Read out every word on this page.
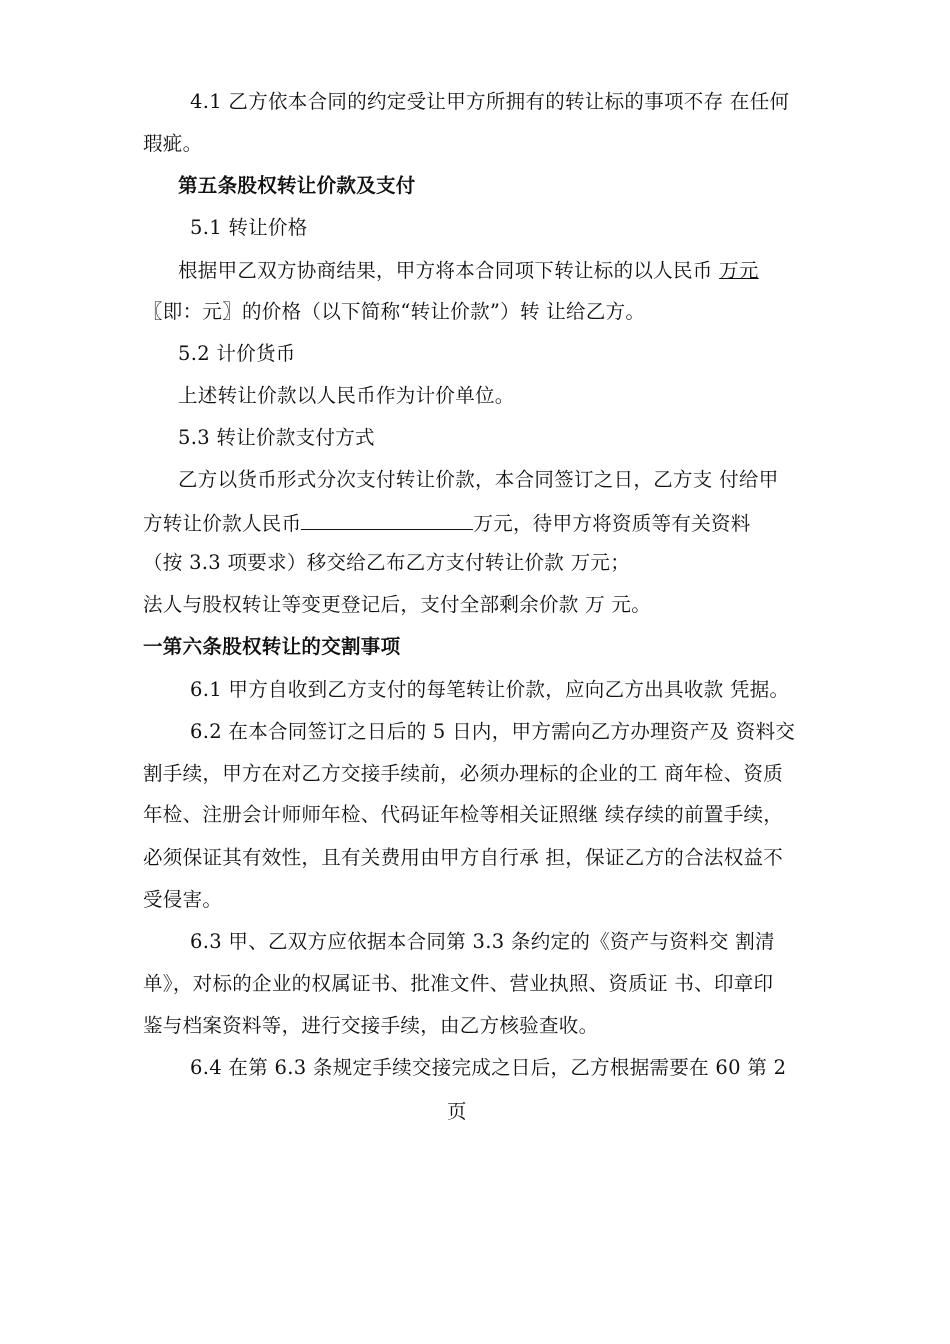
4.1 乙方依本合同的约定受让甲方所拥有的转让标的事项不存 在任何
瑕疵。
第五条股权转让价款及支付
5.1 转让价格
根据甲乙双方协商结果，甲方将本合同项下转让标的以人民币 万元
〖即：元〗的价格（以下简称“转让价款”）转 让给乙方。
5.2 计价货币
上述转让价款以人民币作为计价单位。
5.3 转让价款支付方式
乙方以货币形式分次支付转让价款，本合同签订之日，乙方支 付给甲
方转让价款人民币	万元，待甲方将资质等有关资料
（按 3.3 项要求）移交给乙布乙方支付转让价款 万元；
法人与股权转让等变更登记后，支付全部剩余价款 万 元。
一第六条股权转让的交割事项
6.1 甲方自收到乙方支付的每笔转让价款，应向乙方出具收款 凭据。
6.2 在本合同签订之日后的 5 日内，甲方需向乙方办理资产及 资料交
割手续，甲方在对乙方交接手续前，必须办理标的企业的工 商年检、资质
年检、注册会计师师年检、代码证年检等相关证照继 续存续的前置手续，
必须保证其有效性，且有关费用由甲方自行承 担，保证乙方的合法权益不
受侵害。
6.3 甲、乙双方应依据本合同第 3.3 条约定的《资产与资料交 割清
单》，对标的企业的权属证书、批准文件、营业执照、资质证 书、印章印
鉴与档案资料等，进行交接手续，由乙方核验查收。
6.4 在第 6.3 条规定手续交接完成之日后，乙方根据需要在 60 第 2
页
